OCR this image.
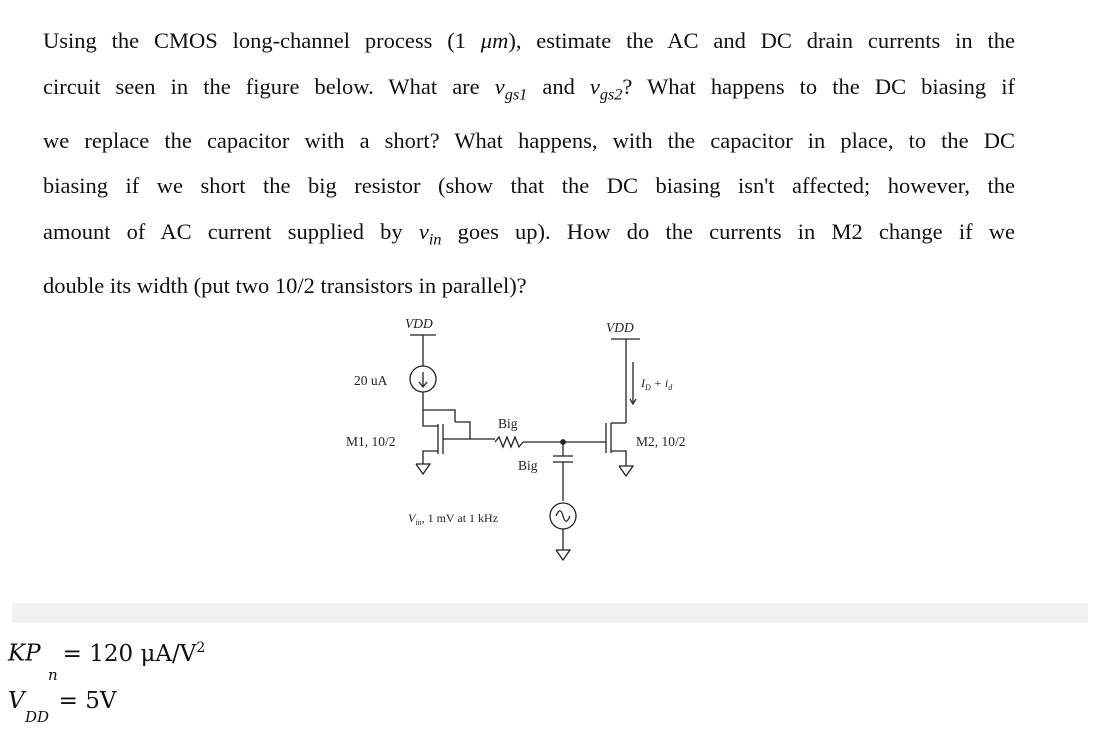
Using the CMOS long-channel process (1 μm), estimate the AC and DC drain currents in the
circuit seen in the figure below. What are $v_{gs1}$ and $v_{gs2}$? What happens to the DC biasing if
we replace the capacitor with a short? What happens, with the capacitor in place, to the DC
biasing if we short the big resistor (show that the DC biasing isn't affected; however, the
amount of AC current supplied by $v_{in}$ goes up). How do the currents in M2 change if we
double its width (put two 10/2 transistors in parallel)?
VDD	VDD
20 uA
M1, 10/2	M2, 10/2
Big
Big
$I_D + i_d$
$V_{in}$, 1 mV at 1 kHz
KP
n
= 120 $\mu A/V^2$
V
DD
= 5V
